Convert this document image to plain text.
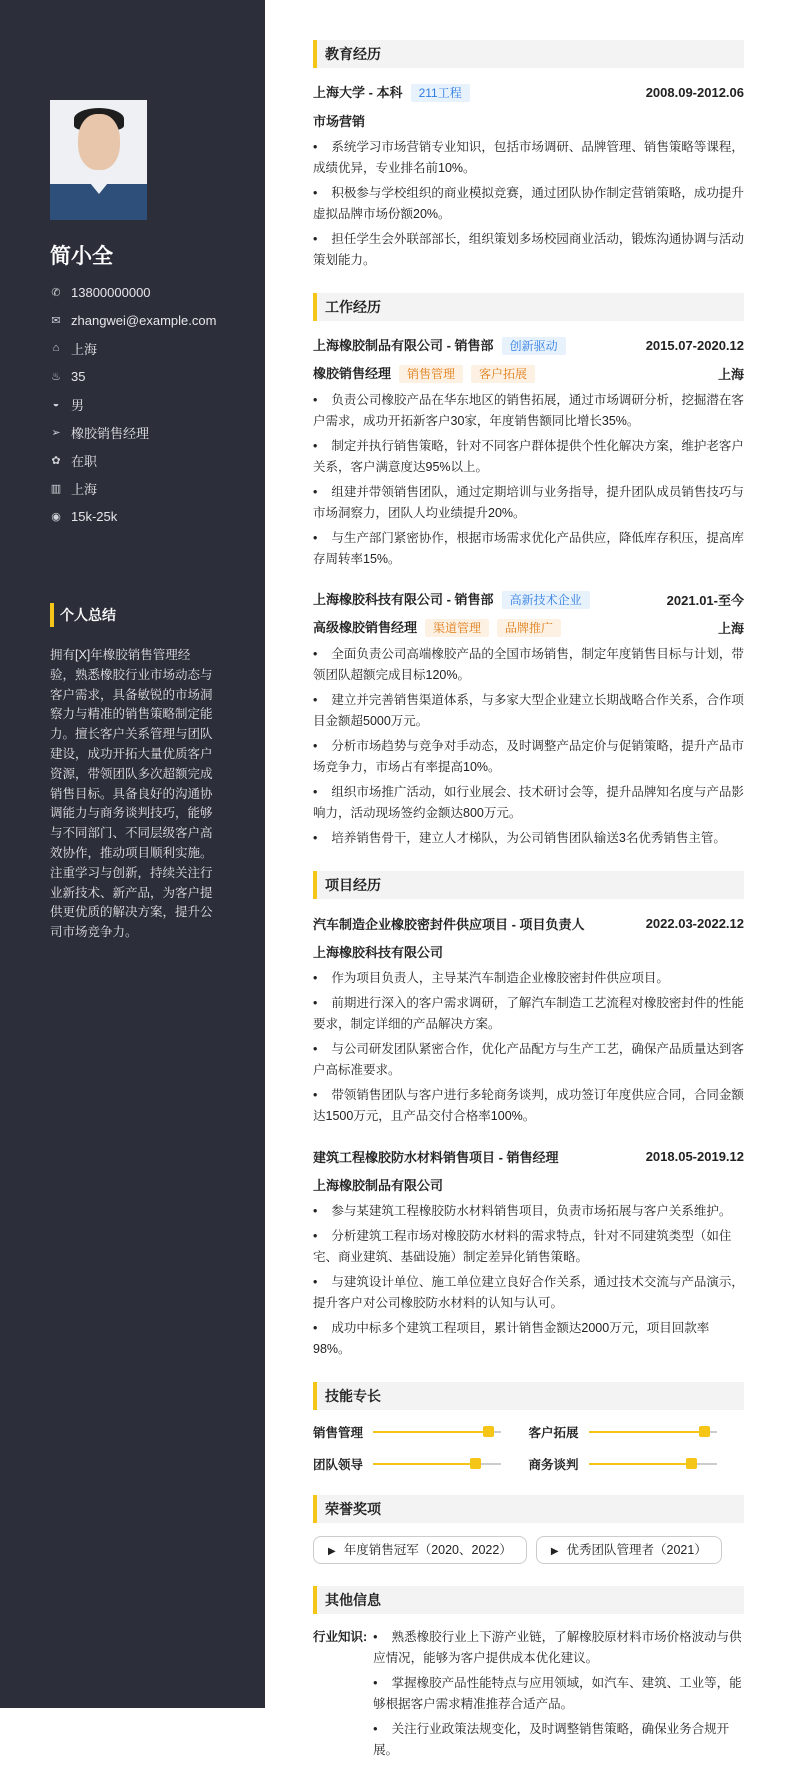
简小全
✆ 13800000000
✉ zhangwei@example.com
⌂ 上海
♨ 35
◒ 男
➢ 橡胶销售经理
✿ 在职
▥ 上海
◉ 15k-25k
个人总结
拥有[X]年橡胶销售管理经验，熟悉橡胶行业市场动态与客户需求，具备敏锐的市场洞察力与精准的销售策略制定能力。擅长客户关系管理与团队建设，成功开拓大量优质客户资源，带领团队多次超额完成销售目标。具备良好的沟通协调能力与商务谈判技巧，能够与不同部门、不同层级客户高效协作，推动项目顺利实施。注重学习与创新，持续关注行业新技术、新产品，为客户提供更优质的解决方案，提升公司市场竞争力。
教育经历
上海大学 - 本科 211工程	2008.09-2012.06
市场营销
• 系统学习市场营销专业知识，包括市场调研、品牌管理、销售策略等课程，成绩优异，专业排名前10%。
• 积极参与学校组织的商业模拟竞赛，通过团队协作制定营销策略，成功提升虚拟品牌市场份额20%。
• 担任学生会外联部部长，组织策划多场校园商业活动，锻炼沟通协调与活动策划能力。
工作经历
上海橡胶制品有限公司 - 销售部 创新驱动	2015.07-2020.12
橡胶销售经理 销售管理 客户拓展	上海
• 负责公司橡胶产品在华东地区的销售拓展，通过市场调研分析，挖掘潜在客户需求，成功开拓新客户30家，年度销售额同比增长35%。
• 制定并执行销售策略，针对不同客户群体提供个性化解决方案，维护老客户关系，客户满意度达95%以上。
• 组建并带领销售团队，通过定期培训与业务指导，提升团队成员销售技巧与市场洞察力，团队人均业绩提升20%。
• 与生产部门紧密协作，根据市场需求优化产品供应，降低库存积压，提高库存周转率15%。
上海橡胶科技有限公司 - 销售部 高新技术企业	2021.01-至今
高级橡胶销售经理 渠道管理 品牌推广	上海
• 全面负责公司高端橡胶产品的全国市场销售，制定年度销售目标与计划，带领团队超额完成目标120%。
• 建立并完善销售渠道体系，与多家大型企业建立长期战略合作关系，合作项目金额超5000万元。
• 分析市场趋势与竞争对手动态，及时调整产品定价与促销策略，提升产品市场竞争力，市场占有率提高10%。
• 组织市场推广活动，如行业展会、技术研讨会等，提升品牌知名度与产品影响力，活动现场签约金额达800万元。
• 培养销售骨干，建立人才梯队，为公司销售团队输送3名优秀销售主管。
项目经历
汽车制造企业橡胶密封件供应项目 - 项目负责人	2022.03-2022.12
上海橡胶科技有限公司
• 作为项目负责人，主导某汽车制造企业橡胶密封件供应项目。
• 前期进行深入的客户需求调研，了解汽车制造工艺流程对橡胶密封件的性能要求，制定详细的产品解决方案。
• 与公司研发团队紧密合作，优化产品配方与生产工艺，确保产品质量达到客户高标准要求。
• 带领销售团队与客户进行多轮商务谈判，成功签订年度供应合同，合同金额达1500万元，且产品交付合格率100%。
建筑工程橡胶防水材料销售项目 - 销售经理	2018.05-2019.12
上海橡胶制品有限公司
• 参与某建筑工程橡胶防水材料销售项目，负责市场拓展与客户关系维护。
• 分析建筑工程市场对橡胶防水材料的需求特点，针对不同建筑类型（如住宅、商业建筑、基础设施）制定差异化销售策略。
• 与建筑设计单位、施工单位建立良好合作关系，通过技术交流与产品演示，提升客户对公司橡胶防水材料的认知与认可。
• 成功中标多个建筑工程项目，累计销售金额达2000万元，项目回款率98%。
技能专长
销售管理	客户拓展
团队领导	商务谈判
荣誉奖项
▶ 年度销售冠军（2020、2022）	▶ 优秀团队管理者（2021）
其他信息
行业知识:	• 熟悉橡胶行业上下游产业链，了解橡胶原材料市场价格波动与供应情况，能够为客户提供成本优化建议。
• 掌握橡胶产品性能特点与应用领域，如汽车、建筑、工业等，能够根据客户需求精准推荐合适产品。
• 关注行业政策法规变化，及时调整销售策略，确保业务合规开展。
